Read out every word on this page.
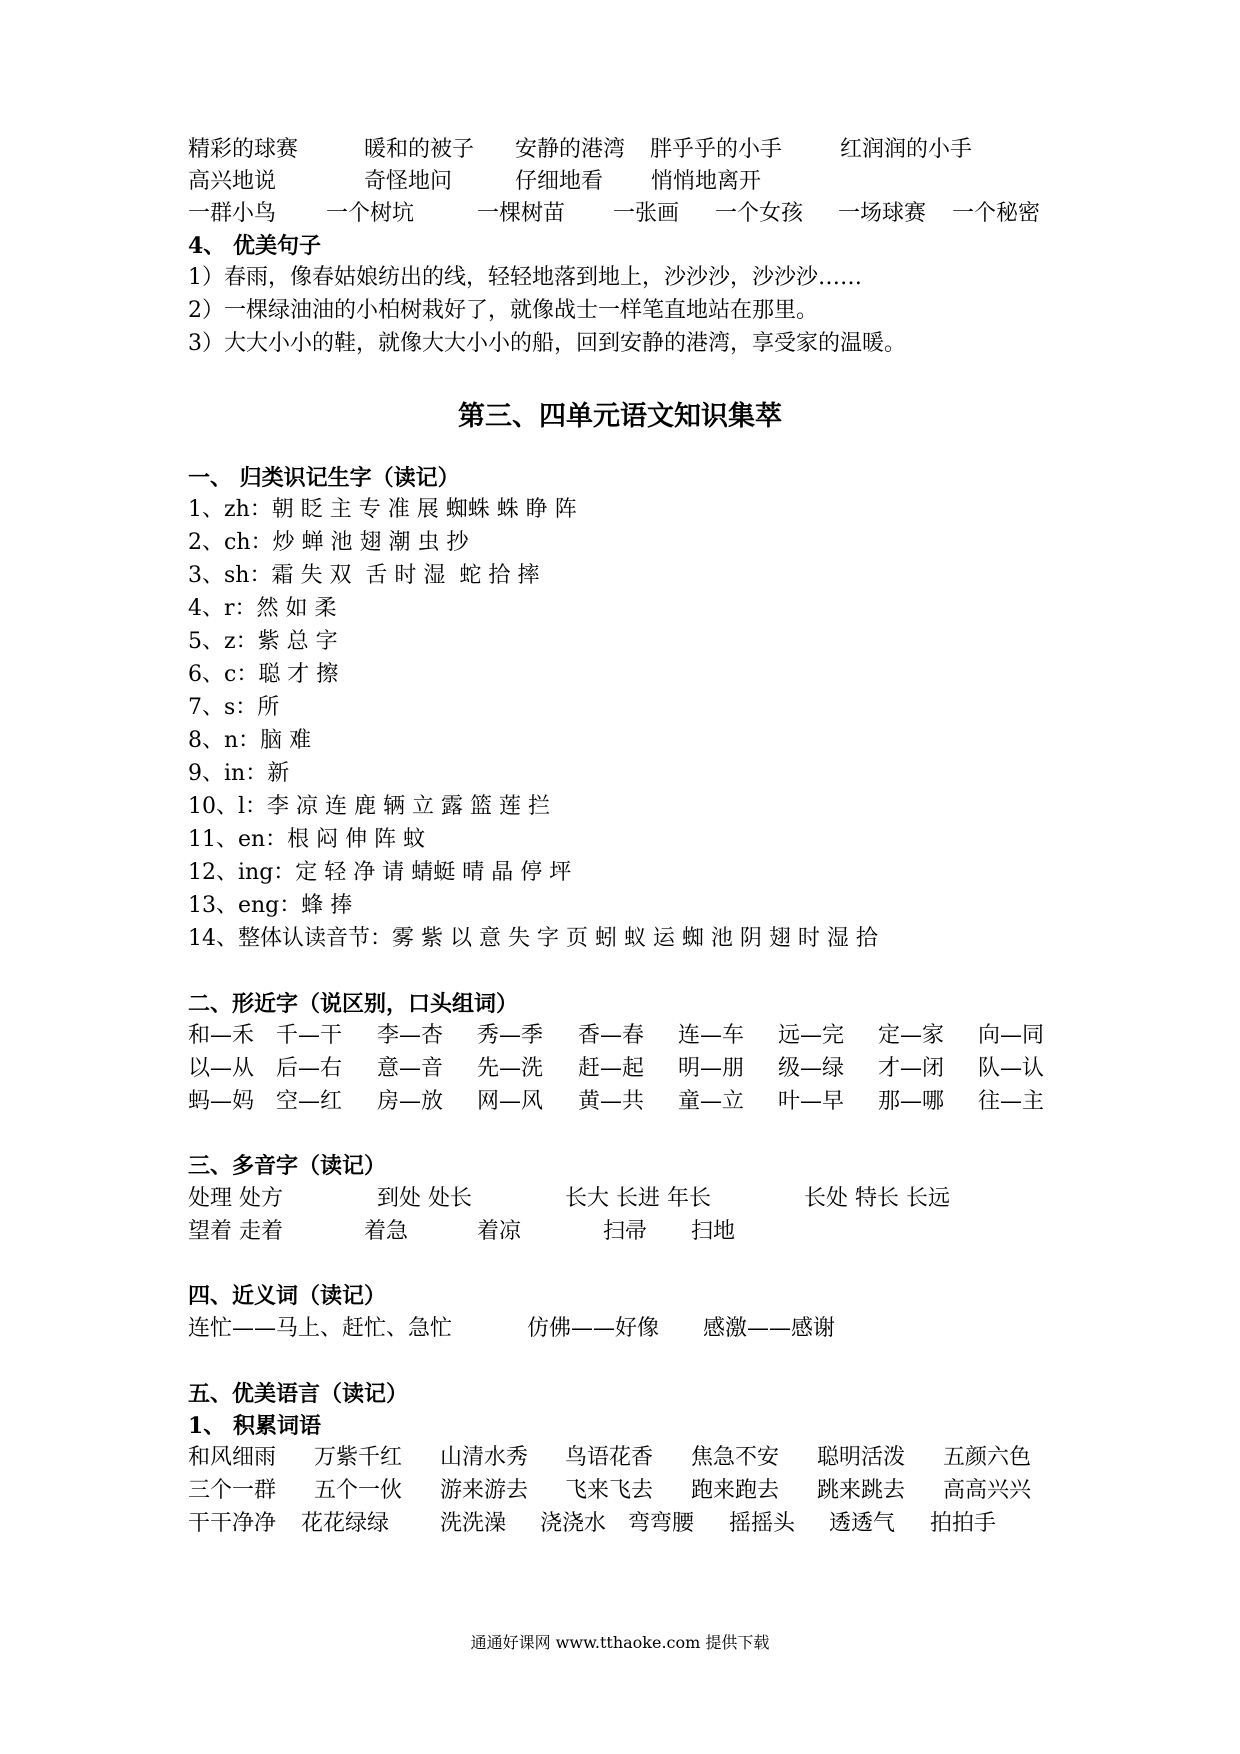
精彩的球赛	暖和的被子 安静的港湾 胖乎乎的小手	红润润的小手
高兴地说	奇怪地问	仔细地看 悄悄地离开
一群小鸟 一个树坑	一棵树苗 一张画 一个女孩 一场球赛 一个秘密
4、 优美句子
1）春雨，像春姑娘纺出的线，轻轻地落到地上，沙沙沙，沙沙沙……
2）一棵绿油油的小柏树栽好了，就像战士一样笔直地站在那里。
3）大大小小的鞋，就像大大小小的船，回到安静的港湾，享受家的温暖。
第三、四单元语文知识集萃
一、 归类识记生字（读记）
1、zh：朝 眨 主 专 准 展 蜘蛛 蛛 睁 阵
2、ch：炒 蝉 池 翅 潮 虫 抄
3、sh：霜 失 双  舌 时 湿  蛇 拾 摔
4、r：然 如 柔
5、z：紫 总 字
6、c：聪 才 擦
7、s：所
8、n：脑 难
9、in：新
10、l：李 凉 连 鹿 辆 立 露 篮 莲 拦
11、en：根 闷 伸 阵 蚊
12、ing：定 轻 净 请 蜻蜓 晴 晶 停 坪
13、eng：蜂 捧
14、整体认读音节：雾 紫 以 意 失 字 页 蚓 蚁 运 蜘 池 阴 翅 时 湿 拾
二、形近字（说区别，口头组词）
和—禾 千—干 李—杏 秀—季 香—春 连—车 远—完 定—家 向—同
以—从 后—右 意—音 先—洗 赶—起 明—朋 级—绿 才—闭 队—认
蚂—妈 空—红 房—放 网—风 黄—共 童—立 叶—早 那—哪 往—主
三、多音字（读记）
处理 处方	到处 处长	长大 长进 年长	长处 特长 长远
望着 走着	着急	着凉	扫帚 扫地
四、近义词（读记）
连忙——马上、赶忙、急忙	仿佛——好像 感激——感谢
五、优美语言（读记）
1、 积累词语
和风细雨 万紫千红 山清水秀 鸟语花香 焦急不安 聪明活泼 五颜六色
三个一群 五个一伙 游来游去 飞来飞去 跑来跑去 跳来跳去 高高兴兴
干干净净 花花绿绿 洗洗澡 浇浇水 弯弯腰 摇摇头 透透气 拍拍手
通通好课网 www.tthaoke.com 提供下载
